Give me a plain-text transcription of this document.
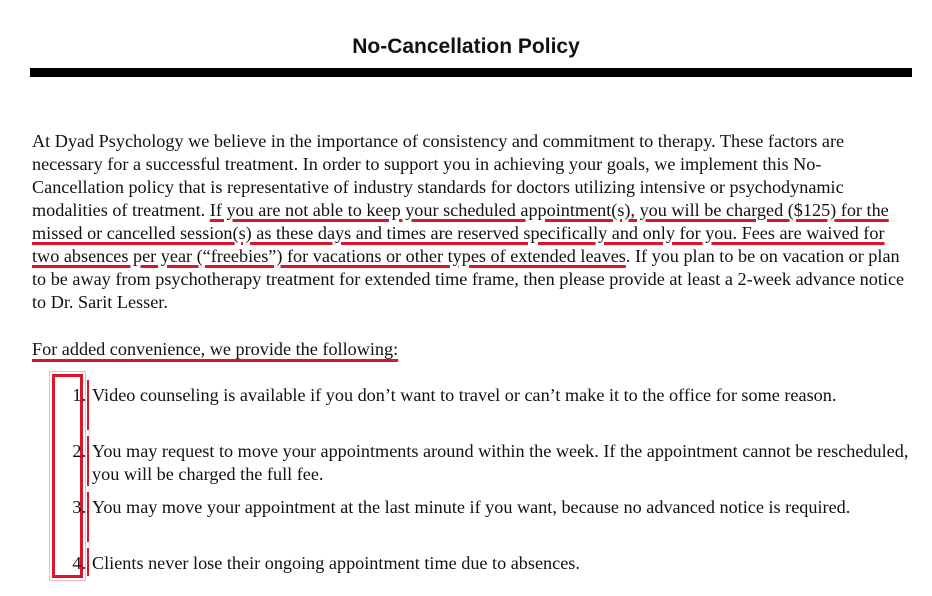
No-Cancellation Policy

At Dyad Psychology we believe in the importance of consistency and commitment to therapy. These factors are necessary for a successful treatment. In order to support you in achieving your goals, we implement this No-Cancellation policy that is representative of industry standards for doctors utilizing intensive or psychodynamic modalities of treatment. If you are not able to keep your scheduled appointment(s), you will be charged ($125) for the missed or cancelled session(s) as these days and times are reserved specifically and only for you. Fees are waived for two absences per year (“freebies”) for vacations or other types of extended leaves. If you plan to be on vacation or plan to be away from psychotherapy treatment for extended time frame, then please provide at least a 2-week advance notice to Dr. Sarit Lesser.

For added convenience, we provide the following:

1. Video counseling is available if you don’t want to travel or can’t make it to the office for some reason.
2. You may request to move your appointments around within the week. If the appointment cannot be rescheduled, you will be charged the full fee.
3. You may move your appointment at the last minute if you want, because no advanced notice is required.
4. Clients never lose their ongoing appointment time due to absences.
